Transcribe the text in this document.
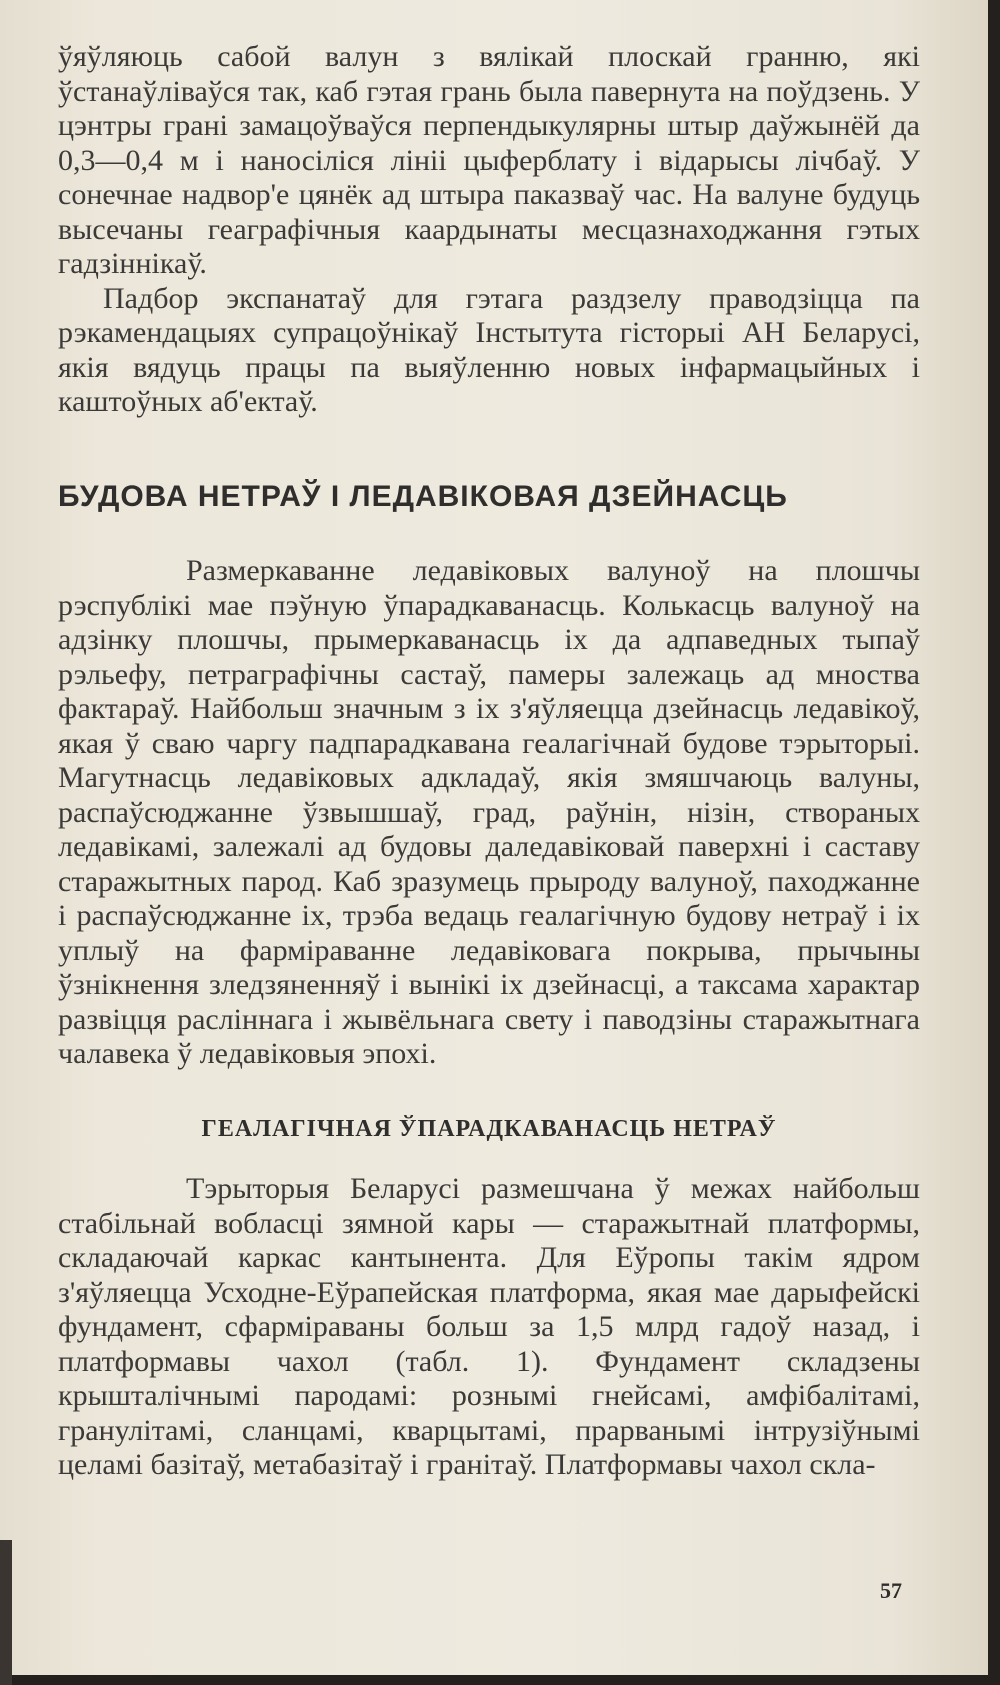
ўяўляюць сабой валун з вялікай плоскай гранню, які ўстанаўліваўся так, каб гэтая грань была павернута на поўдзень. У цэнтры грані замацоўваўся перпендыкулярны штыр даўжынёй да 0,3—0,4 м і наносіліся лініі цыферблату і відарысы лічбаў. У сонечнае надвор'е цянёк ад штыра паказваў час. На валуне будуць высечаны геаграфічныя каардынаты месцазнаходжання гэтых гадзіннікаў.

Падбор экспанатаў для гэтага раздзелу праводзіцца па рэкамендацыях супрацоўнікаў Інстытута гісторыі АН Беларусі, якія вядуць працы па выяўленню новых інфармацыйных і каштоўных аб'ектаў.

БУДОВА НЕТРАЎ І ЛЕДАВІКОВАЯ ДЗЕЙНАСЦЬ

Размеркаванне ледавіковых валуноў на плошчы рэспублікі мае пэўную ўпарадкаванасць. Колькасць валуноў на адзінку плошчы, прымеркаванасць іх да адпаведных тыпаў рэльефу, петраграфічны састаў, памеры залежаць ад мноства фактараў. Найбольш значным з іх з'яўляецца дзейнасць ледавікоў, якая ў сваю чаргу падпарадкавана геалагічнай будове тэрыторыі. Магутнасць ледавіковых адкладаў, якія змяшчаюць валуны, распаўсюджанне ўзвышшаў, град, раўнін, нізін, створаных ледавікамі, залежалі ад будовы даледавіковай паверхні і саставу старажытных парод. Каб зразумець прыроду валуноў, паходжанне і распаўсюджанне іх, трэба ведаць геалагічную будову нетраў і іх уплыў на фарміраванне ледавіковага покрыва, прычыны ўзнікнення зледзяненняў і вынікі іх дзейнасці, а таксама характар развіцця расліннага і жывёльнага свету і паводзіны старажытнага чалавека ў ледавіковыя эпохі.

ГЕАЛАГІЧНАЯ ЎПАРАДКАВАНАСЦЬ НЕТРАЎ

Тэрыторыя Беларусі размешчана ў межах найбольш стабільнай вобласці зямной кары — старажытнай платформы, складаючай каркас кантынента. Для Еўропы такім ядром з'яўляецца Усходне-Еўрапейская платформа, якая мае дарыфейскі фундамент, сфарміраваны больш за 1,5 млрд гадоў назад, і платформавы чахол (табл. 1). Фундамент складзены крышталічнымі пародамі: рознымі гнейсамі, амфібалітамі, гранулітамі, сланцамі, кварцытамі, прарванымі інтрузіўнымі целамі базітаў, метабазітаў і гранітаў. Платформавы чахол скла-

57
